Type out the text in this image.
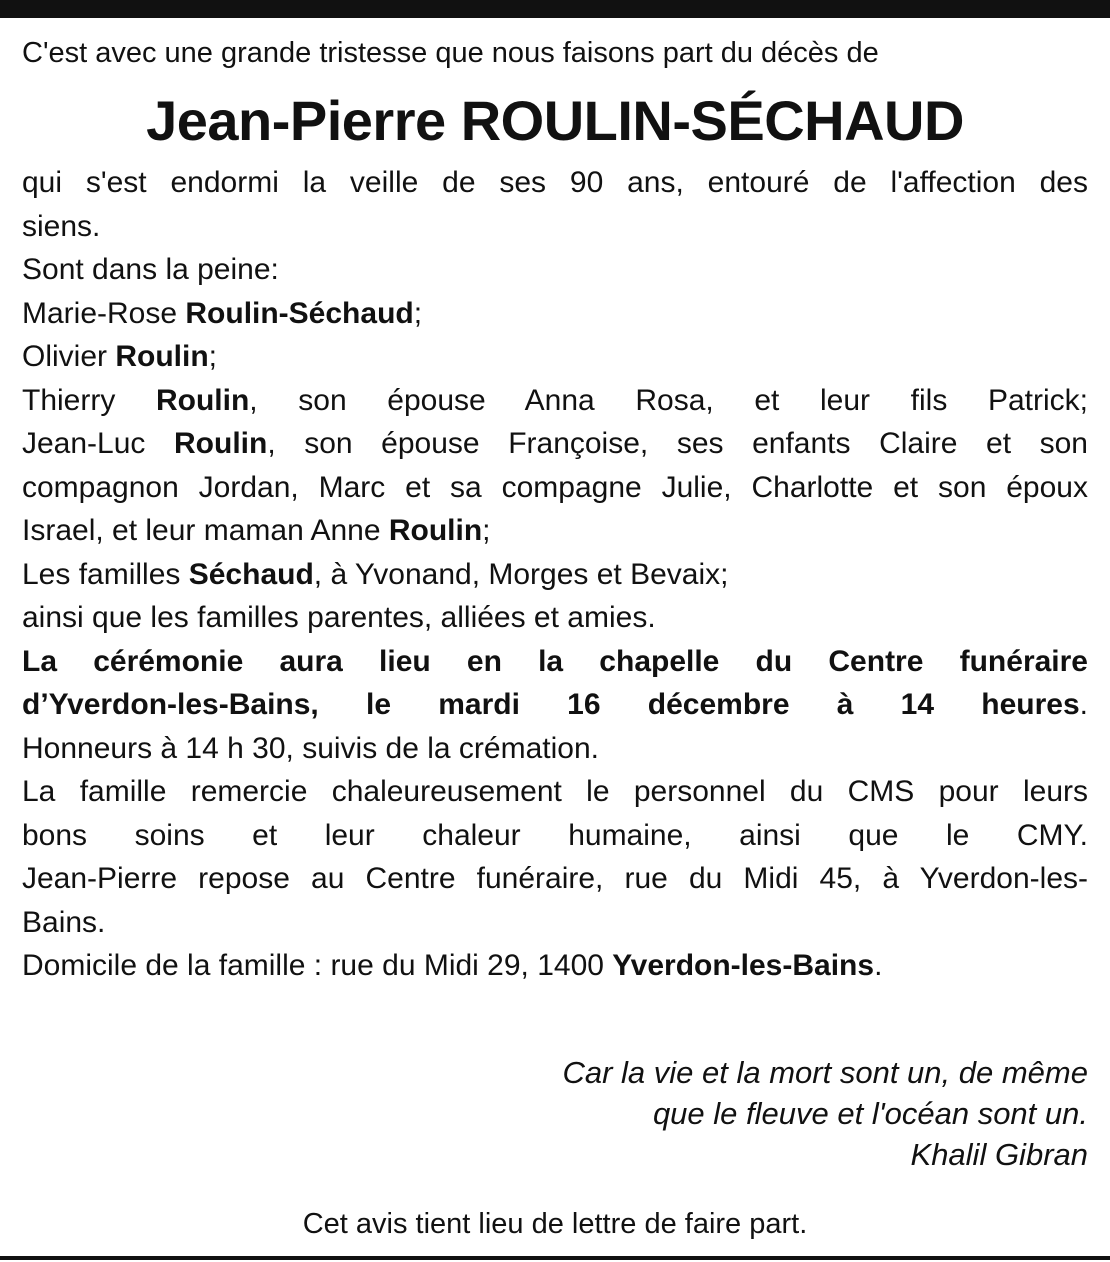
C'est avec une grande tristesse que nous faisons part du décès de

Jean-Pierre ROULIN-SÉCHAUD
qui s'est endormi la veille de ses 90 ans, entouré de l'affection des
siens.
Sont dans la peine:
Marie-Rose Roulin-Séchaud;
Olivier Roulin;
Thierry Roulin, son épouse Anna Rosa, et leur fils Patrick;
Jean-Luc Roulin, son épouse Françoise, ses enfants Claire et son
compagnon Jordan, Marc et sa compagne Julie, Charlotte et son époux
Israel, et leur maman Anne Roulin;
Les familles Séchaud, à Yvonand, Morges et Bevaix;
ainsi que les familles parentes, alliées et amies.
La cérémonie aura lieu en la chapelle du Centre funéraire
d’Yverdon-les-Bains, le mardi 16 décembre à 14 heures.
Honneurs à 14 h 30, suivis de la crémation.
La famille remercie chaleureusement le personnel du CMS pour leurs
bons soins et leur chaleur humaine, ainsi que le CMY.
Jean-Pierre repose au Centre funéraire, rue du Midi 45, à Yverdon-les-
Bains.
Domicile de la famille : rue du Midi 29, 1400 Yverdon-les-Bains.
Car la vie et la mort sont un, de même
que le fleuve et l'océan sont un.
Khalil Gibran
Cet avis tient lieu de lettre de faire part.
